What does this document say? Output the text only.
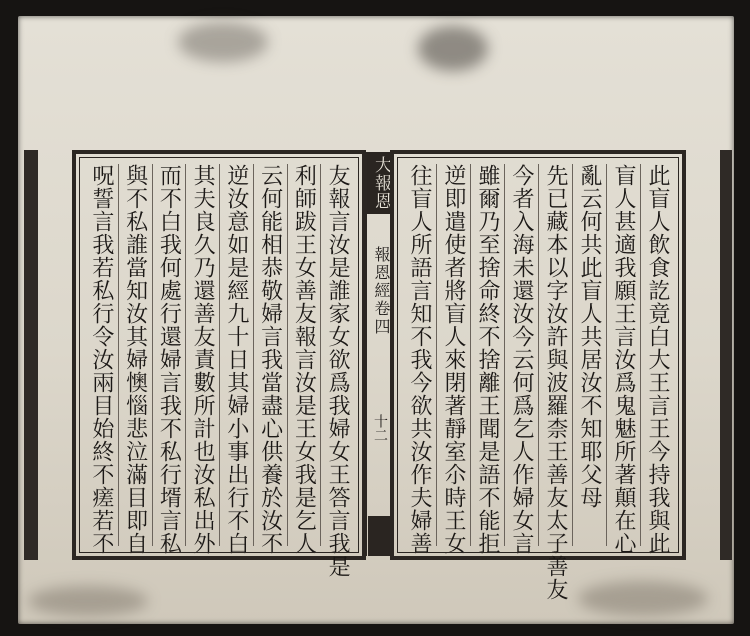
友報言汝是誰家女欲爲我婦女王答言我是
利師跋王女善友報言汝是王女我是乞人
云何能相恭敬婦言我當盡心供養於汝不
逆汝意如是經九十日其婦小事出行不白
其夫良久乃還善友責數所計也汝私出外
而不白我何處行還婦言我不私行壻言私
與不私誰當知汝其婦懊惱悲泣滿目即自
呪誓言我若私行令汝兩目始終不瘥若不	大報恩
報恩經卷四
十二	此盲人飲食訖竟白大王言王今持我與此
盲人甚適我願王言汝爲鬼魅所著顛在心
亂云何共此盲人共居汝不知耶父母
先已藏本以字汝許與波羅柰王善友太子善友
今者入海未還汝今云何爲乞人作婦女言
雖爾乃至捨命終不捨離王聞是語不能拒
逆即遣使者將盲人來閉著靜室尒時王女
往盲人所語言知不我今欲共汝作夫婦善
